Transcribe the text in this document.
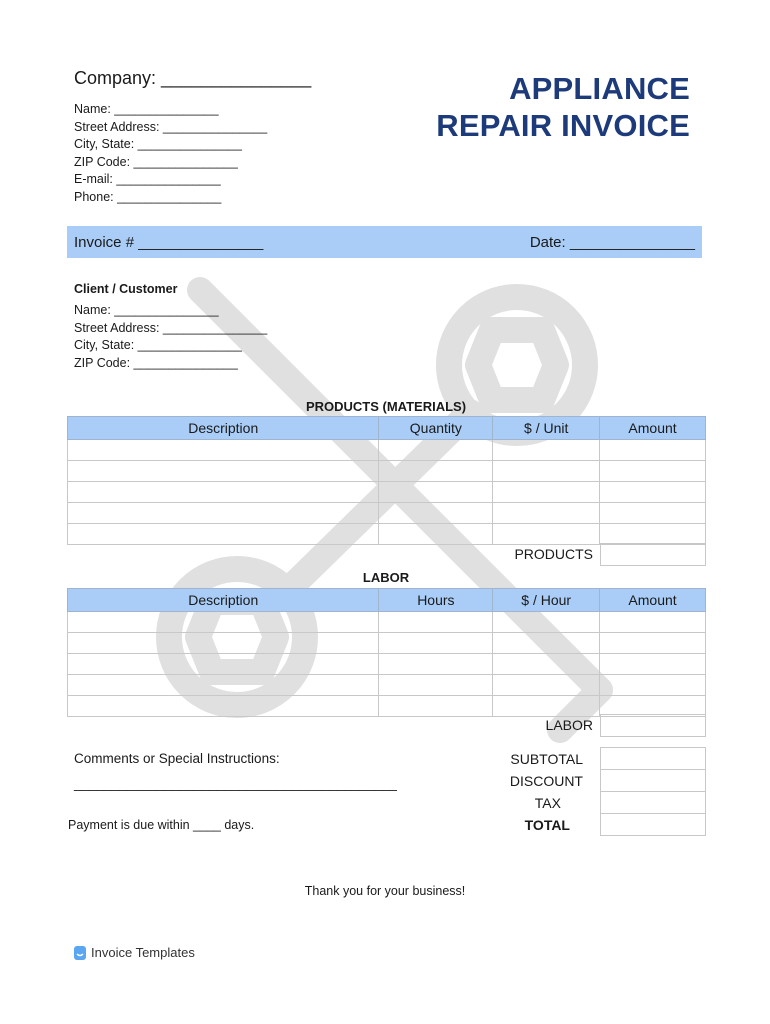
Company: _______________
Name: _______________
Street Address: _______________
City, State: _______________
ZIP Code: _______________
E-mail: _______________
Phone: _______________
APPLIANCE
REPAIR INVOICE
Invoice # _______________	Date: _______________
Client / Customer
Name: _______________
Street Address: _______________
City, State: _______________
ZIP Code: _______________
PRODUCTS (MATERIALS)
Description	Quantity	$ / Unit	Amount

PRODUCTS
LABOR
Description	Hours	$ / Hour	Amount

LABOR
SUBTOTAL
DISCOUNT
TAX
TOTAL
Comments or Special Instructions:
___________________________________________
Payment is due within ____ days.
Thank you for your business!
Invoice Templates
